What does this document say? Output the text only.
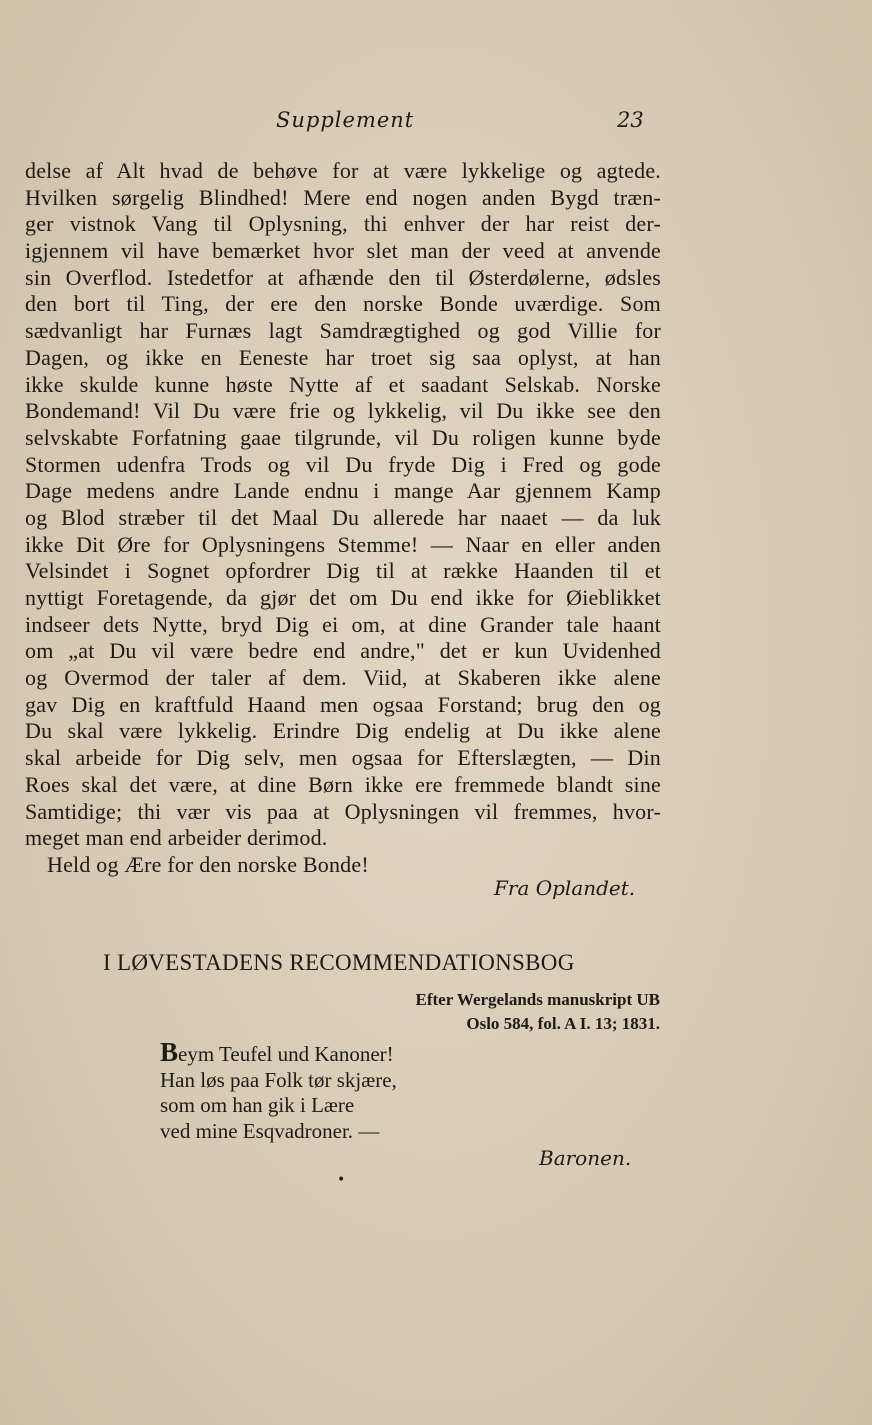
Supplement	23
delse af Alt hvad de behøve for at være lykkelige og agtede.
Hvilken sørgelig Blindhed! Mere end nogen anden Bygd træn-
ger vistnok Vang til Oplysning, thi enhver der har reist der-
igjennem vil have bemærket hvor slet man der veed at anvende
sin Overflod. Istedetfor at afhænde den til Østerdølerne, ødsles
den bort til Ting, der ere den norske Bonde uværdige. Som
sædvanligt har Furnæs lagt Samdrægtighed og god Villie for
Dagen, og ikke en Eeneste har troet sig saa oplyst, at han
ikke skulde kunne høste Nytte af et saadant Selskab. Norske
Bondemand! Vil Du være frie og lykkelig, vil Du ikke see den
selvskabte Forfatning gaae tilgrunde, vil Du roligen kunne byde
Stormen udenfra Trods og vil Du fryde Dig i Fred og gode
Dage medens andre Lande endnu i mange Aar gjennem Kamp
og Blod stræber til det Maal Du allerede har naaet — da luk
ikke Dit Øre for Oplysningens Stemme! — Naar en eller anden
Velsindet i Sognet opfordrer Dig til at række Haanden til et
nyttigt Foretagende, da gjør det om Du end ikke for Øieblikket
indseer dets Nytte, bryd Dig ei om, at dine Grander tale haant
om „at Du vil være bedre end andre," det er kun Uvidenhed
og Overmod der taler af dem. Viid, at Skaberen ikke alene
gav Dig en kraftfuld Haand men ogsaa Forstand; brug den og
Du skal være lykkelig. Erindre Dig endelig at Du ikke alene
skal arbeide for Dig selv, men ogsaa for Efterslægten, — Din
Roes skal det være, at dine Børn ikke ere fremmede blandt sine
Samtidige; thi vær vis paa at Oplysningen vil fremmes, hvor-
meget man end arbeider derimod.
Held og Ære for den norske Bonde!
Fra Oplandet.
I LØVESTADENS RECOMMENDATIONSBOG
Efter Wergelands manuskript UB
Oslo 584, fol. A I. 13; 1831.
Beym Teufel und Kanoner!
Han løs paa Folk tør skjære,
som om han gik i Lære
ved mine Esqvadroner. —
Baronen.
•
